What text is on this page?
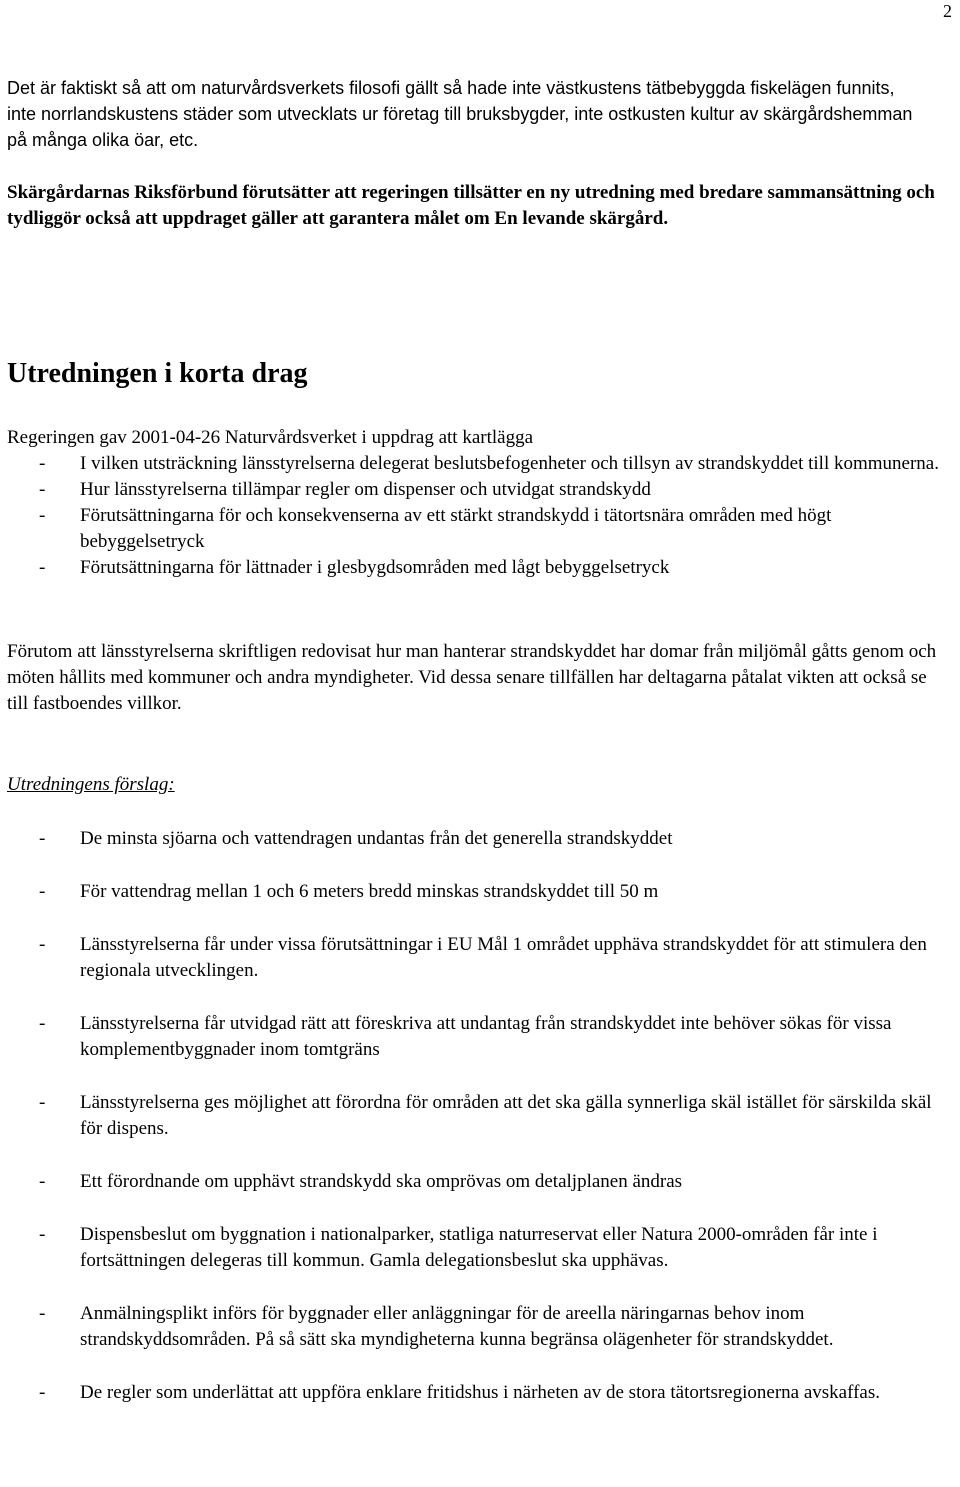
2

Det är faktiskt så att om naturvårdsverkets filosofi gällt så hade inte västkustens tätbebyggda fiskelägen funnits, inte norrlandskustens städer som utvecklats ur företag till bruksbygder, inte ostkusten kultur av skärgårdshemman på många olika öar, etc.

Skärgårdarnas Riksförbund förutsätter att regeringen tillsätter en ny utredning med bredare sammansättning och tydliggör också att uppdraget gäller att garantera målet om En levande skärgård.

Utredningen i korta drag

Regeringen gav 2001-04-26 Naturvårdsverket i uppdrag att kartlägga

- I vilken utsträckning länsstyrelserna delegerat beslutsbefogenheter och tillsyn av strandskyddet till kommunerna.
- Hur länsstyrelserna tillämpar regler om dispenser och utvidgat strandskydd
- Förutsättningarna för och konsekvenserna av ett stärkt strandskydd i tätortsnära områden med högt bebyggelsetryck
- Förutsättningarna för lättnader i glesbygdsområden med lågt bebyggelsetryck

Förutom att länsstyrelserna skriftligen redovisat hur man hanterar strandskyddet har domar från miljömål gåtts genom och möten hållits med kommuner och andra myndigheter. Vid dessa senare tillfällen har deltagarna påtalat vikten att också se till fastboendes villkor.

Utredningens förslag:

- De minsta sjöarna och vattendragen undantas från det generella strandskyddet
- För vattendrag mellan 1 och 6 meters bredd minskas strandskyddet till 50 m
- Länsstyrelserna får under vissa förutsättningar i EU Mål 1 området upphäva strandskyddet för att stimulera den regionala utvecklingen.
- Länsstyrelserna får utvidgad rätt att föreskriva att undantag från strandskyddet inte behöver sökas för vissa komplementbyggnader inom tomtgräns
- Länsstyrelserna ges möjlighet att förordna för områden att det ska gälla synnerliga skäl istället för särskilda skäl för dispens.
- Ett förordnande om upphävt strandskydd ska omprövas om detaljplanen ändras
- Dispensbeslut om byggnation i nationalparker, statliga naturreservat eller Natura 2000-områden får inte i fortsättningen delegeras till kommun. Gamla delegationsbeslut ska upphävas.
- Anmälningsplikt införs för byggnader eller anläggningar för de areella näringarnas behov inom strandskyddsområden. På så sätt ska myndigheterna kunna begränsa olägenheter för strandskyddet.
- De regler som underlättat att uppföra enklare fritidshus i närheten av de stora tätortsregionerna avskaffas.
